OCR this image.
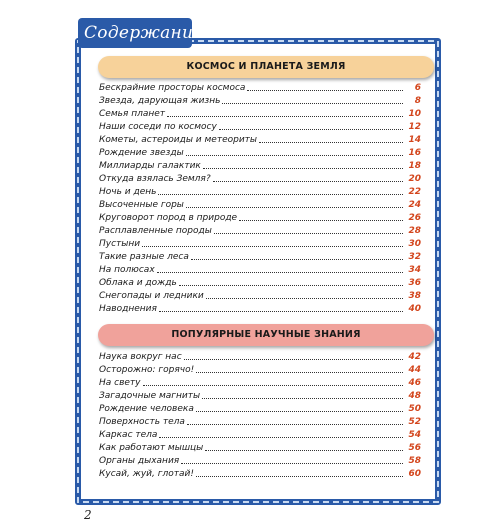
Содержание
КОСМОС И ПЛАНЕТА ЗЕМЛЯ
Бескрайние просторы космоса	6
Звезда, дарующая жизнь	8
Семья планет	10
Наши соседи по космосу	12
Кометы, астероиды и метеориты	14
Рождение звезды	16
Миллиарды галактик	18
Откуда взялась Земля?	20
Ночь и день	22
Высоченные горы	24
Круговорот пород в природе	26
Расплавленные породы	28
Пустыни	30
Такие разные леса	32
На полюсах	34
Облака и дождь	36
Снегопады и ледники	38
Наводнения	40
ПОПУЛЯРНЫЕ НАУЧНЫЕ ЗНАНИЯ
Наука вокруг нас	42
Осторожно: горячо!	44
На свету	46
Загадочные магниты	48
Рождение человека	50
Поверхность тела	52
Каркас тела	54
Как работают мышцы	56
Органы дыхания	58
Кусай, жуй, глотай!	60
2
